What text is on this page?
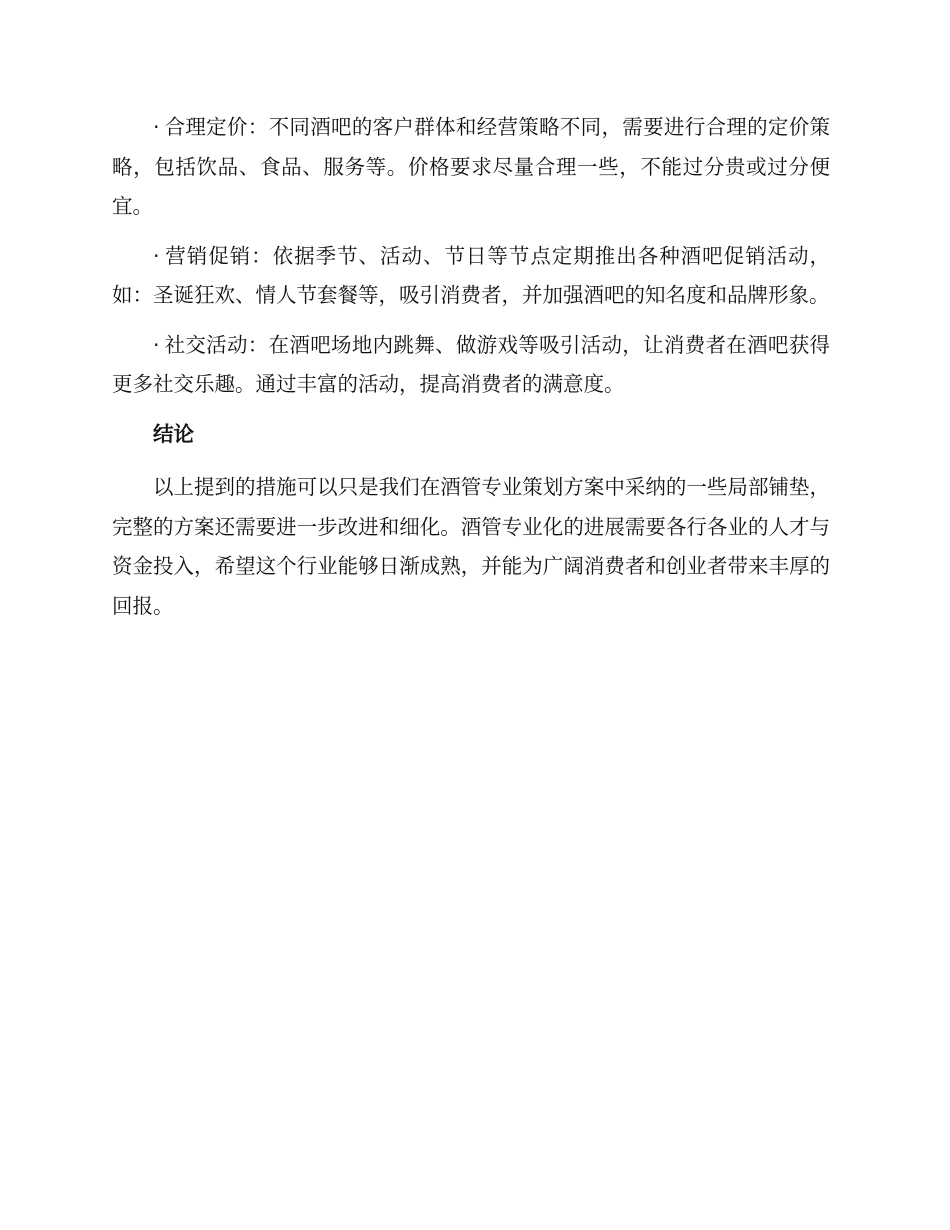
· 合理定价：不同酒吧的客户群体和经营策略不同，需要进行合理的定价策略，包括饮品、食品、服务等。价格要求尽量合理一些，不能过分贵或过分便宜。

· 营销促销：依据季节、活动、节日等节点定期推出各种酒吧促销活动，如：圣诞狂欢、情人节套餐等，吸引消费者，并加强酒吧的知名度和品牌形象。

· 社交活动：在酒吧场地内跳舞、做游戏等吸引活动，让消费者在酒吧获得更多社交乐趣。通过丰富的活动，提高消费者的满意度。

结论

以上提到的措施可以只是我们在酒管专业策划方案中采纳的一些局部铺垫，完整的方案还需要进一步改进和细化。酒管专业化的进展需要各行各业的人才与资金投入，希望这个行业能够日渐成熟，并能为广阔消费者和创业者带来丰厚的回报。
